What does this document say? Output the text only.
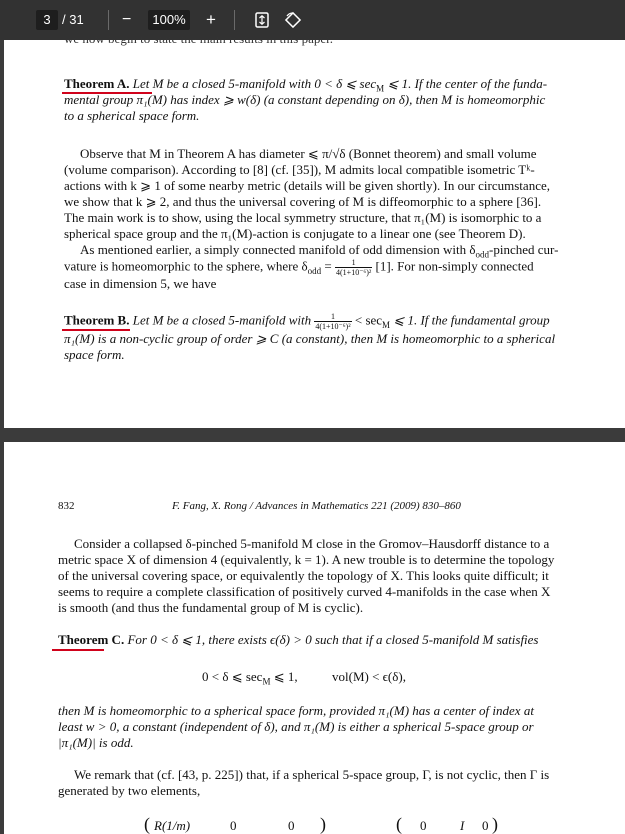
3 / 31 −	100% +
we now begin to state the main results in this paper.
Theorem A. Let M be a closed 5-manifold with 0 < δ ⩽ $\sec_M$ ⩽ 1. If the center of the funda-
mental group π₁(M) has index ⩾ w(δ) (a constant depending on δ), then M is homeomorphic
to a spherical space form.
Observe that M in Theorem A has diameter ⩽ π/√δ (Bonnet theorem) and small volume
(volume comparison). According to [8] (cf. [35]), M admits local compatible isometric Tᵏ-
actions with k ⩾ 1 of some nearby metric (details will be given shortly). In our circumstance,
we show that k ⩾ 2, and thus the universal covering of M is diffeomorphic to a sphere [36].
The main work is to show, using the local symmetry structure, that π₁(M) is isomorphic to a
spherical space group and the π₁(M)-action is conjugate to a linear one (see Theorem D).
As mentioned earlier, a simply connected manifold of odd dimension with $\delta_{odd}$-pinched cur-
vature is homeomorphic to the sphere, where $\delta_{odd} = \frac{1}{\text{4(1+10⁻⁶)²}} [1]$. For non-simply connected
case in dimension 5, we have
Theorem B. Let M be a closed 5-manifold with $\frac{1}{\text{4(1+10⁻⁶)²}} < \sec_M$ ⩽ 1. If the fundamental group
π₁(M) is a non-cyclic group of order ⩾ C (a constant), then M is homeomorphic to a spherical
space form.
832	F. Fang, X. Rong / Advances in Mathematics 221 (2009) 830–860
Consider a collapsed δ-pinched 5-manifold M close in the Gromov–Hausdorff distance to a
metric space X of dimension 4 (equivalently, k = 1). A new trouble is to determine the topology
of the universal covering space, or equivalently the topology of X. This looks quite difficult; it
seems to require a complete classification of positively curved 4-manifolds in the case when X
is smooth (and thus the fundamental group of M is cyclic).
Theorem C. For 0 < δ ⩽ 1, there exists ϵ(δ) > 0 such that if a closed 5-manifold M satisfies
0 < δ ⩽ $\sec_M$ ⩽ 1,	vol(M) < ϵ(δ),
then M is homeomorphic to a spherical space form, provided π₁(M) has a center of index at
least w > 0, a constant (independent of δ), and π₁(M) is either a spherical 5-space group or
|π₁(M)| is odd.
We remark that (cf. [43, p. 225]) that, if a spherical 5-space group, Γ, is not cyclic, then Γ is
generated by two elements,
( R(1/m)	0	0 )	( 0	I 0 )
